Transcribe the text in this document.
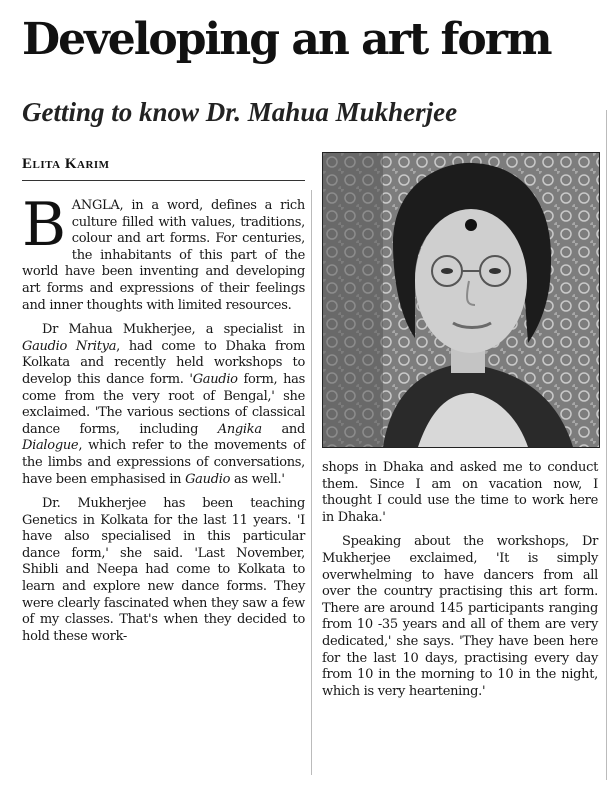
Developing an art form
Getting to know Dr. Mahua Mukherjee
Elita Karim

BANGLA, in a word, defines a rich culture filled with values, traditions, colour and art forms. For centuries, the inhabitants of this part of the world have been inventing and developing art forms and expressions of their feelings and inner thoughts with limited resources.

Dr Mahua Mukherjee, a specialist in Gaudio Nritya, had come to Dhaka from Kolkata and recently held workshops to develop this dance form. 'Gaudio form, has come from the very root of Bengal,' she exclaimed. 'The various sections of classical dance forms, including Angika and Dialogue, which refer to the movements of the limbs and expressions of conversations, have been emphasised in Gaudio as well.'

Dr. Mukherjee has been teaching Genetics in Kolkata for the last 11 years. 'I have also specialised in this particular dance form,' she said. 'Last November, Shibli and Neepa had come to Kolkata to learn and explore new dance forms. They were clearly fascinated when they saw a few of my classes. That's when they decided to hold these work-

shops in Dhaka and asked me to conduct them. Since I am on vacation now, I thought I could use the time to work here in Dhaka.'

Speaking about the workshops, Dr Mukherjee exclaimed, 'It is simply overwhelming to have dancers from all over the country practising this art form. There are around 145 participants ranging from 10 -35 years and all of them are very dedicated,' she says. 'They have been here for the last 10 days, practising every day from 10 in the morning to 10 in the night, which is very heartening.'
